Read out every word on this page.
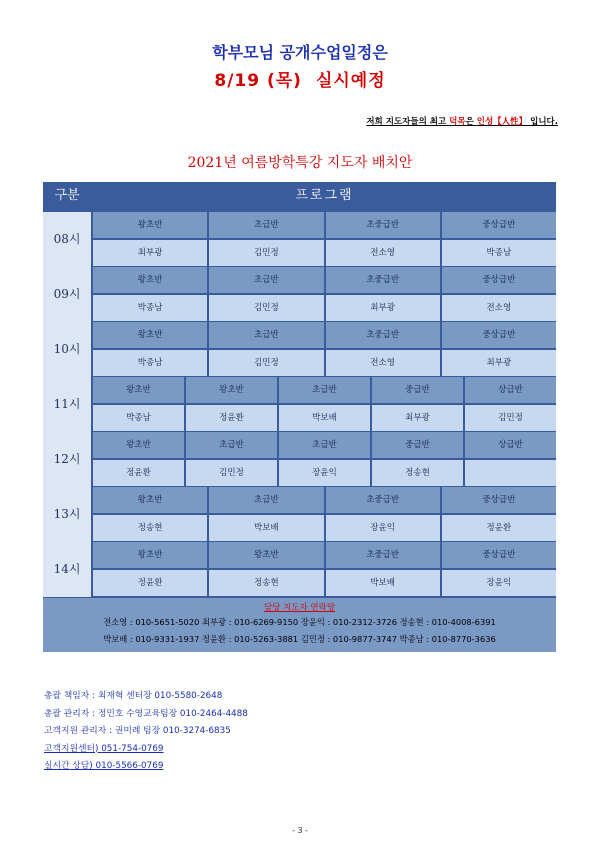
학부모님 공개수업일정은
8/19 (목) 실시예정
저희 지도자들의 최고 덕목은 인성【人性】 입니다.
2021년 여름방학특강 지도자 배치안
구분	프로그램
담당 지도자 연락망
전소영 : 010-5651-5020 최부광 : 010-6269-9150 장윤익 : 010-2312-3726 정송현 : 010-4008-6391
박보배 : 010-9331-1937 정윤환 : 010-5263-3881 김민정 : 010-9877-3747 박종남 : 010-8770-3636
08시
왕초반
최부광
초급반
김민정
초중급반
전소영
중상급반
박종남
09시
왕초반
박종남
초급반
김민정
초중급반
최부광
중상급반
전소영
10시
왕초반
박종남
초급반
김민정
초중급반
전소영
중상급반
최부광
11시
왕초반
박종남
왕초반
정윤환
초급반
박보배
중급반
최부광
상급반
김민정
12시
왕초반
정윤환
초급반
김민정
초급반
장윤익
중급반
정송현
상급반
13시
왕초반
정송현
초급반
박보배
초중급반
장윤익
중상급반
정윤환
14시
왕초반
정윤환
왕초반
정송현
초중급반
박보배
중상급반
장윤익
총괄 책임자 : 최재혁 센터장 010-5580-2648
총괄 관리자 : 정민호 수영교육팀장 010-2464-4488
고객지원 관리자 : 권미례 팀장 010-3274-6835
고객지원센터) 051-754-0769
실시간 상담) 010-5566-0769
- 3 -
